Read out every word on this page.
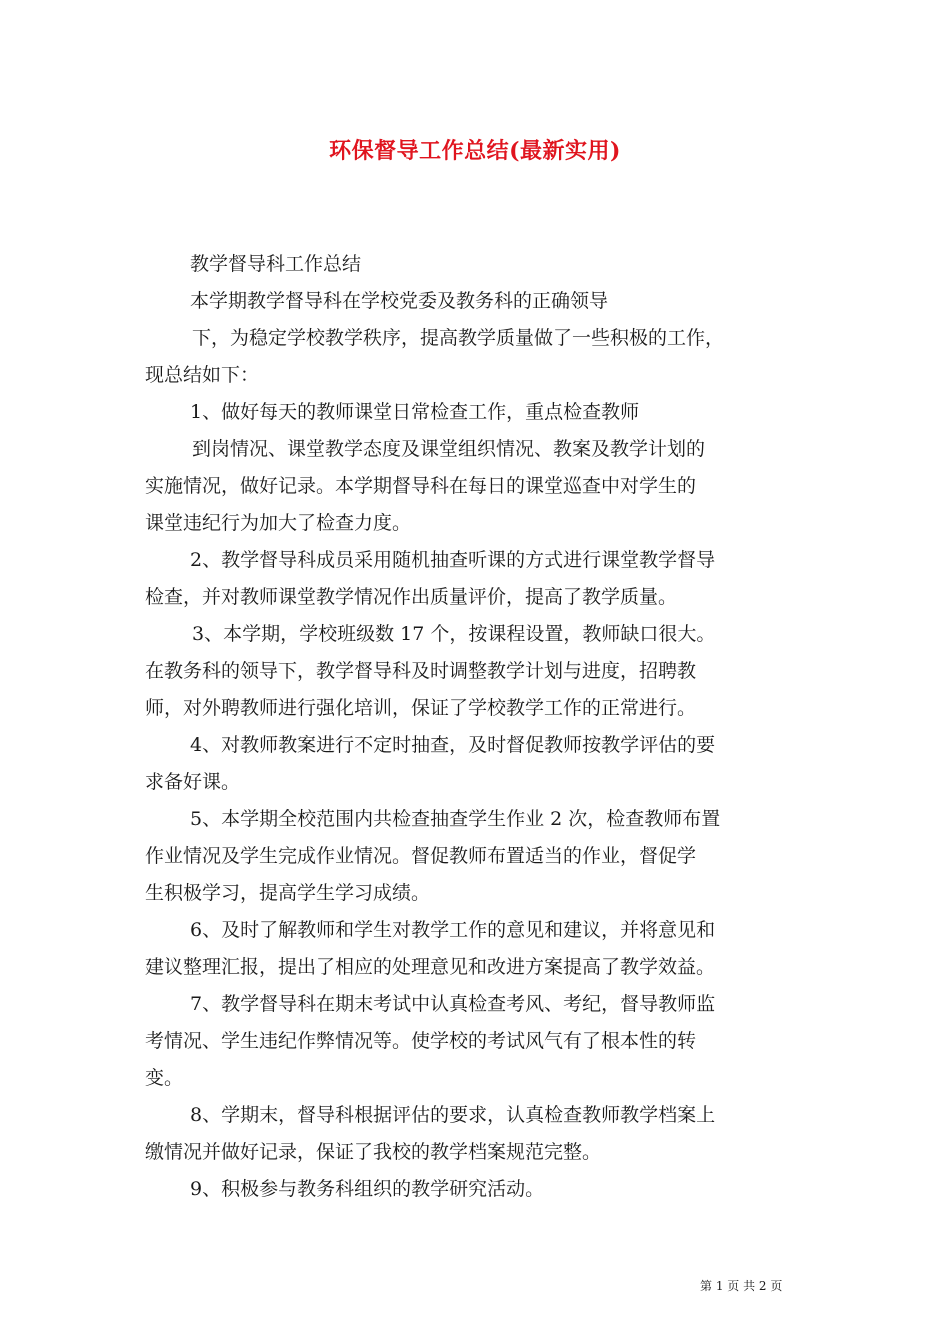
环保督导工作总结(最新实用)
教学督导科工作总结
本学期教学督导科在学校党委及教务科的正确领导
下，为稳定学校教学秩序，提高教学质量做了一些积极的工作，
现总结如下：
1、做好每天的教师课堂日常检查工作，重点检查教师
到岗情况、课堂教学态度及课堂组织情况、教案及教学计划的
实施情况，做好记录。本学期督导科在每日的课堂巡查中对学生的
课堂违纪行为加大了检查力度。
2、教学督导科成员采用随机抽查听课的方式进行课堂教学督导
检查，并对教师课堂教学情况作出质量评价，提高了教学质量。
3、本学期，学校班级数 17 个，按课程设置，教师缺口很大。
在教务科的领导下，教学督导科及时调整教学计划与进度，招聘教
师，对外聘教师进行强化培训，保证了学校教学工作的正常进行。
4、对教师教案进行不定时抽查，及时督促教师按教学评估的要
求备好课。
5、本学期全校范围内共检查抽查学生作业 2 次，检查教师布置
作业情况及学生完成作业情况。督促教师布置适当的作业，督促学
生积极学习，提高学生学习成绩。
6、及时了解教师和学生对教学工作的意见和建议，并将意见和
建议整理汇报，提出了相应的处理意见和改进方案提高了教学效益。
7、教学督导科在期末考试中认真检查考风、考纪，督导教师监
考情况、学生违纪作弊情况等。使学校的考试风气有了根本性的转
变。
8、学期末，督导科根据评估的要求，认真检查教师教学档案上
缴情况并做好记录，保证了我校的教学档案规范完整。
9、积极参与教务科组织的教学研究活动。
第 1 页 共 2 页
